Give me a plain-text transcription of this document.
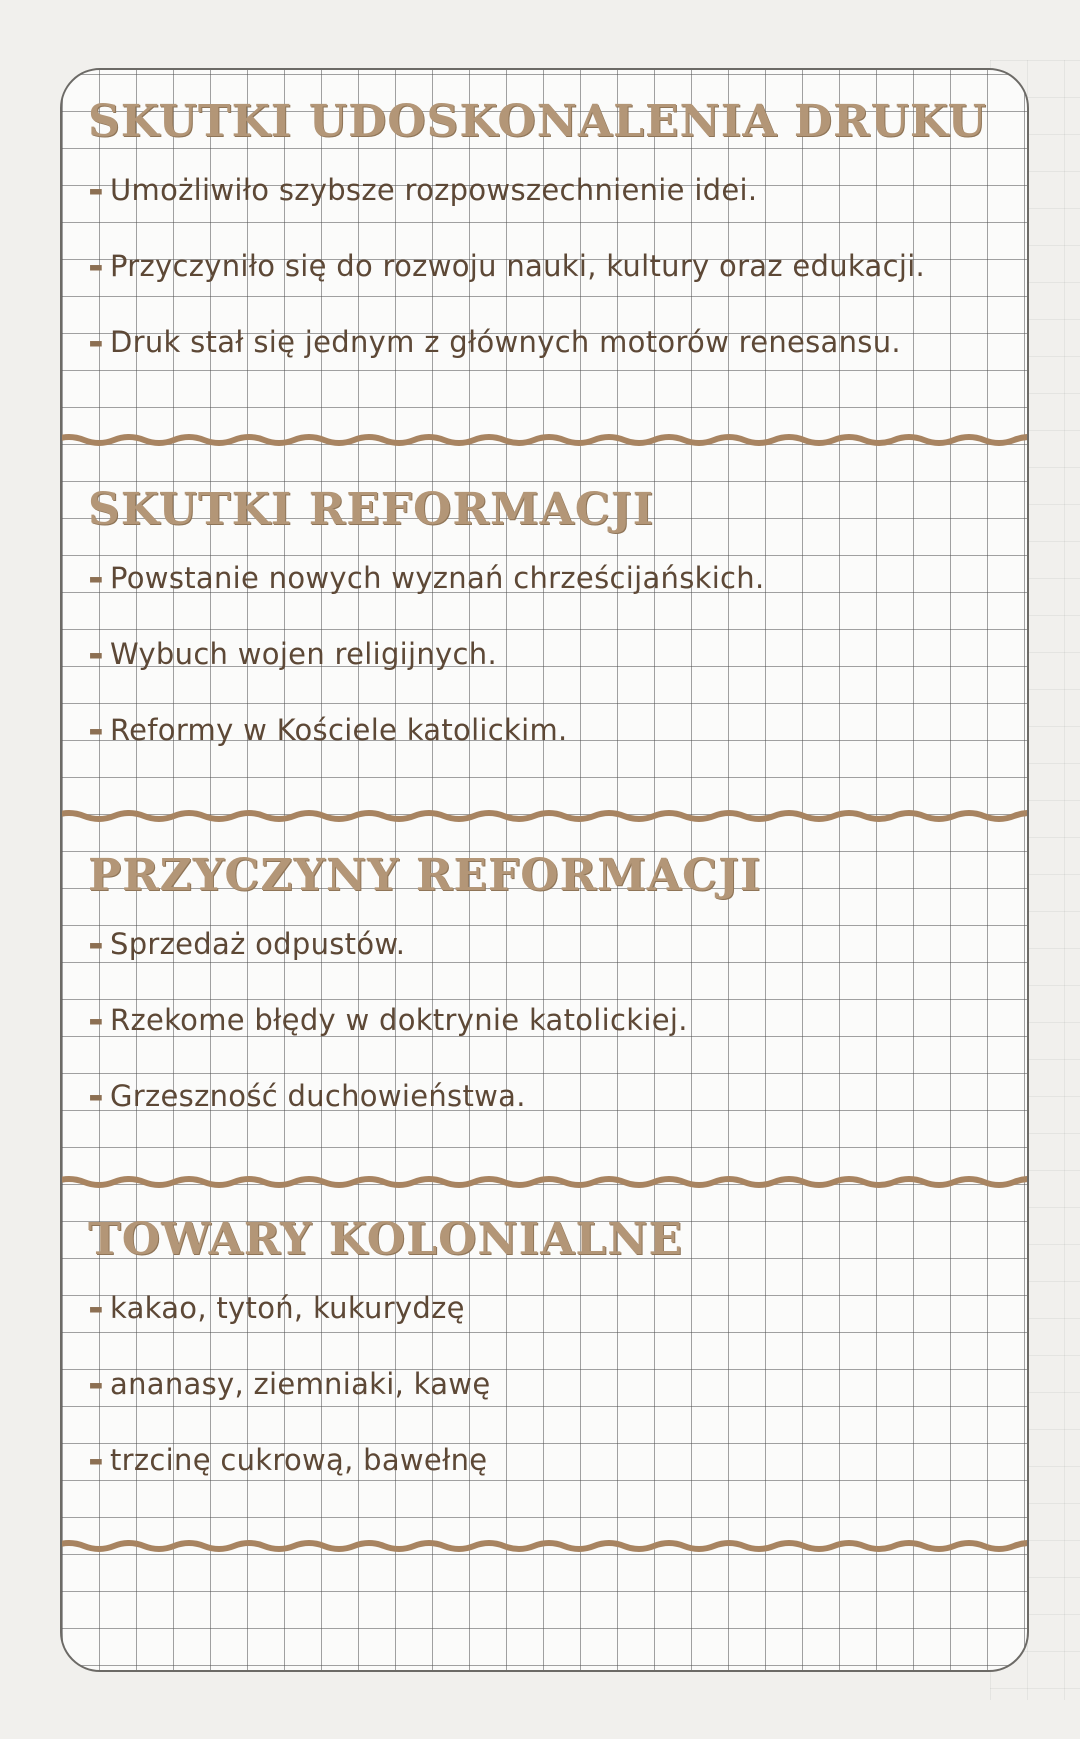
SKUTKI UDOSKONALENIA DRUKU
- Umożliwiło szybsze rozpowszechnienie idei.
- Przyczyniło się do rozwoju nauki, kultury oraz edukacji.
- Druk stał się jednym z głównych motorów renesansu.
SKUTKI REFORMACJI
- Powstanie nowych wyznań chrześcijańskich.
- Wybuch wojen religijnych.
- Reformy w Kościele katolickim.
PRZYCZYNY REFORMACJI
- Sprzedaż odpustów.
- Rzekome błędy w doktrynie katolickiej.
- Grzeszność duchowieństwa.
TOWARY KOLONIALNE
- kakao, tytoń, kukurydzę
- ananasy, ziemniaki, kawę
- trzcinę cukrową, bawełnę
